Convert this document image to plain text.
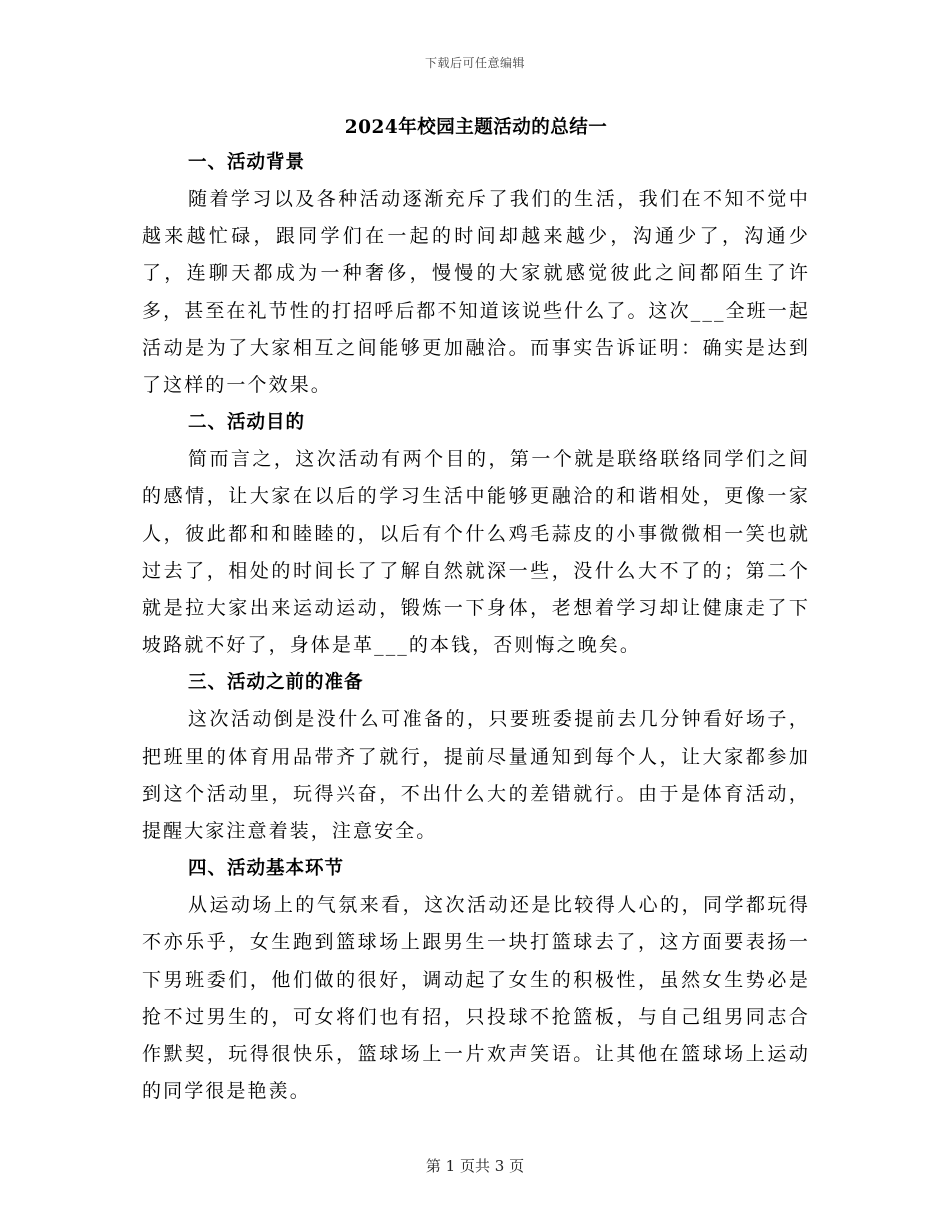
下载后可任意编辑
2024年校园主题活动的总结一
一、活动背景

随着学习以及各种活动逐渐充斥了我们的生活，我们在不知不觉中越来越忙碌，跟同学们在一起的时间却越来越少，沟通少了，沟通少了，连聊天都成为一种奢侈，慢慢的大家就感觉彼此之间都陌生了许多，甚至在礼节性的打招呼后都不知道该说些什么了。这次___全班一起活动是为了大家相互之间能够更加融洽。而事实告诉证明：确实是达到了这样的一个效果。

二、活动目的

简而言之，这次活动有两个目的，第一个就是联络联络同学们之间的感情，让大家在以后的学习生活中能够更融洽的和谐相处，更像一家人，彼此都和和睦睦的，以后有个什么鸡毛蒜皮的小事微微相一笑也就过去了，相处的时间长了了解自然就深一些，没什么大不了的；第二个就是拉大家出来运动运动，锻炼一下身体，老想着学习却让健康走了下坡路就不好了，身体是革___的本钱，否则悔之晚矣。

三、活动之前的准备

这次活动倒是没什么可准备的，只要班委提前去几分钟看好场子，把班里的体育用品带齐了就行，提前尽量通知到每个人，让大家都参加到这个活动里，玩得兴奋，不出什么大的差错就行。由于是体育活动，提醒大家注意着装，注意安全。

四、活动基本环节

从运动场上的气氛来看，这次活动还是比较得人心的，同学都玩得不亦乐乎，女生跑到篮球场上跟男生一块打篮球去了，这方面要表扬一下男班委们，他们做的很好，调动起了女生的积极性，虽然女生势必是抢不过男生的，可女将们也有招，只投球不抢篮板，与自己组男同志合作默契，玩得很快乐，篮球场上一片欢声笑语。让其他在篮球场上运动的同学很是艳羡。

第 1 页共 3 页
